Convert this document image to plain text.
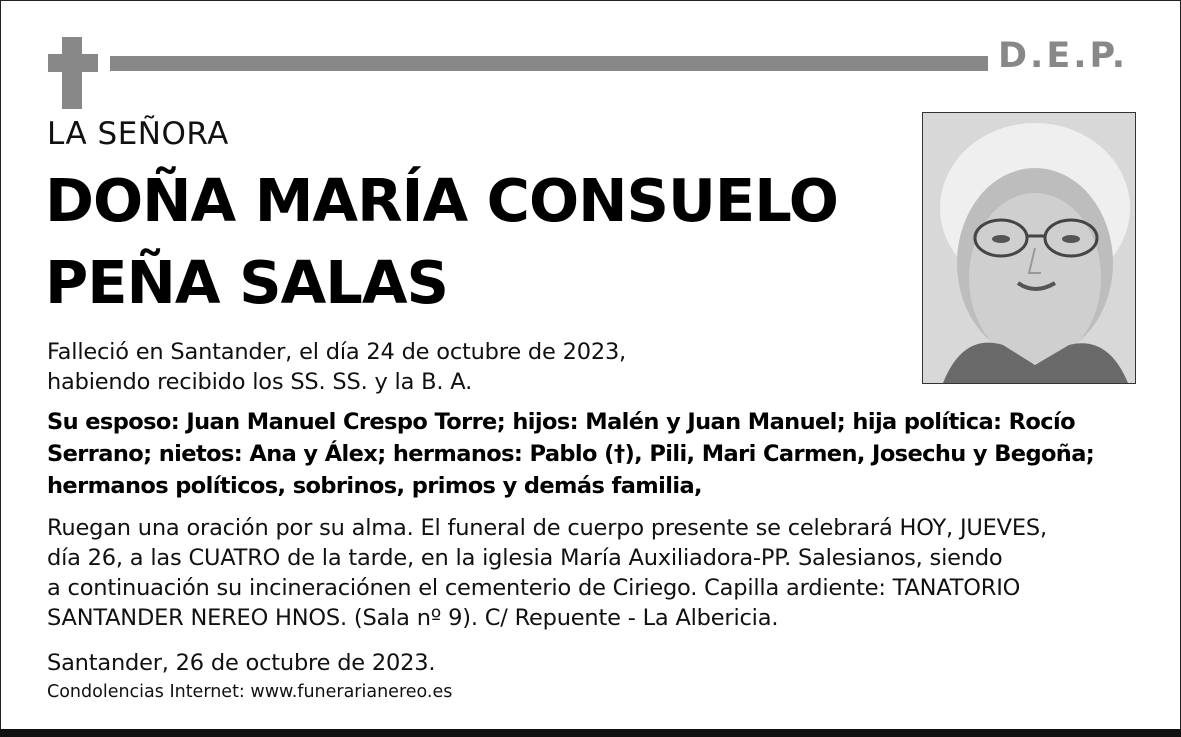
D.E.P.
LA SEÑORA
DOÑA MARÍA CONSUELO
PEÑA SALAS
Falleció en Santander, el día 24 de octubre de 2023,
habiendo recibido los SS. SS. y la B. A.
Su esposo: Juan Manuel Crespo Torre; hijos: Malén y Juan Manuel; hija política: Rocío
Serrano; nietos: Ana y Álex; hermanos: Pablo (†), Pili, Mari Carmen, Josechu y Begoña;
hermanos políticos, sobrinos, primos y demás familia,
Ruegan una oración por su alma. El funeral de cuerpo presente se celebrará HOY, JUEVES,
día 26, a las CUATRO de la tarde, en la iglesia María Auxiliadora-PP. Salesianos, siendo
a continuación su incineraciónen el cementerio de Ciriego. Capilla ardiente: TANATORIO
SANTANDER NEREO HNOS. (Sala nº 9). C/ Repuente - La Albericia.
Santander, 26 de octubre de 2023.
Condolencias Internet: www.funerarianereo.es
